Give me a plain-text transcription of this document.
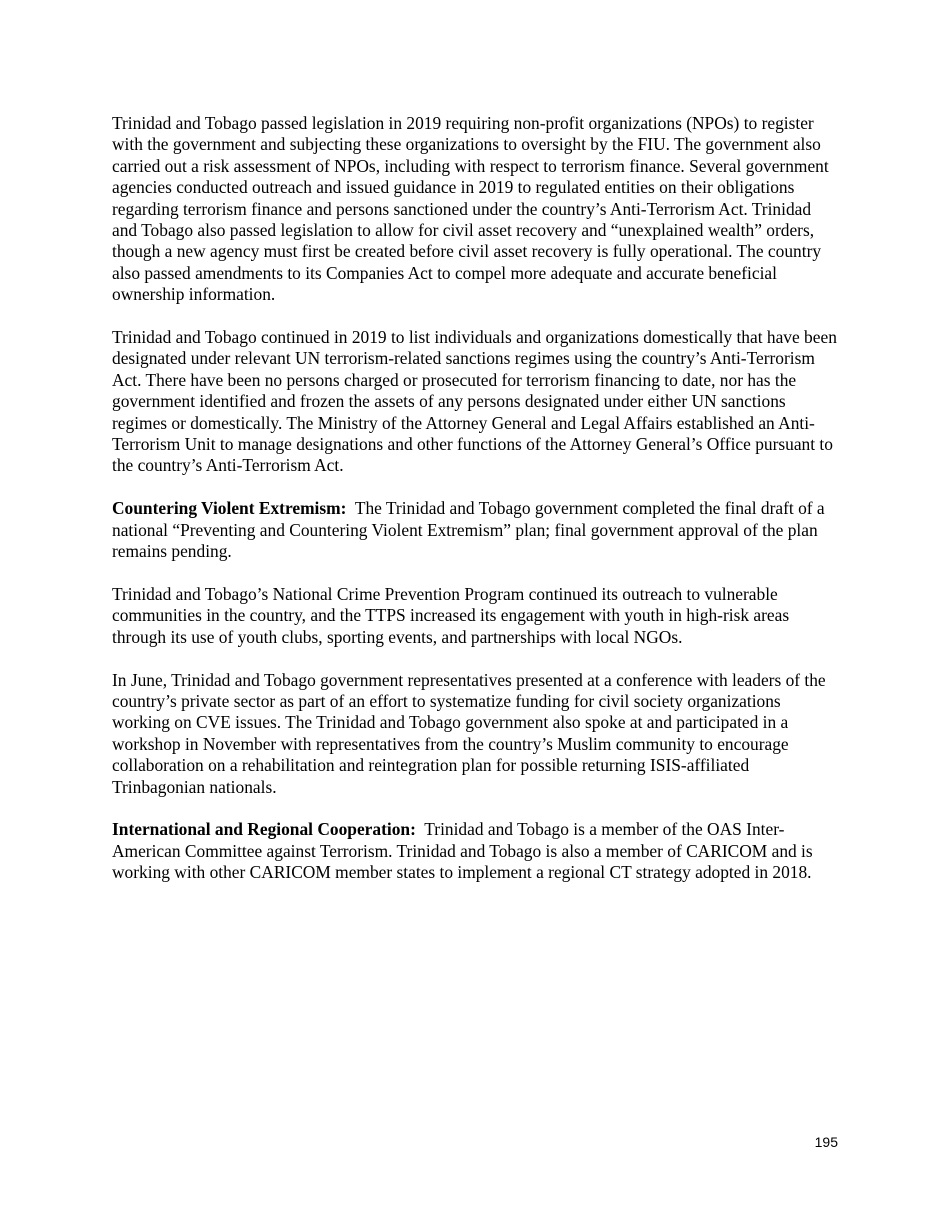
Trinidad and Tobago passed legislation in 2019 requiring non-profit organizations (NPOs) to register with the government and subjecting these organizations to oversight by the FIU. The government also carried out a risk assessment of NPOs, including with respect to terrorism finance. Several government agencies conducted outreach and issued guidance in 2019 to regulated entities on their obligations regarding terrorism finance and persons sanctioned under the country’s Anti-Terrorism Act. Trinidad and Tobago also passed legislation to allow for civil asset recovery and “unexplained wealth” orders, though a new agency must first be created before civil asset recovery is fully operational. The country also passed amendments to its Companies Act to compel more adequate and accurate beneficial ownership information.

Trinidad and Tobago continued in 2019 to list individuals and organizations domestically that have been designated under relevant UN terrorism-related sanctions regimes using the country’s Anti-Terrorism Act. There have been no persons charged or prosecuted for terrorism financing to date, nor has the government identified and frozen the assets of any persons designated under either UN sanctions regimes or domestically. The Ministry of the Attorney General and Legal Affairs established an Anti-Terrorism Unit to manage designations and other functions of the Attorney General’s Office pursuant to the country’s Anti-Terrorism Act.

Countering Violent Extremism: The Trinidad and Tobago government completed the final draft of a national “Preventing and Countering Violent Extremism” plan; final government approval of the plan remains pending.

Trinidad and Tobago’s National Crime Prevention Program continued its outreach to vulnerable communities in the country, and the TTPS increased its engagement with youth in high-risk areas through its use of youth clubs, sporting events, and partnerships with local NGOs.

In June, Trinidad and Tobago government representatives presented at a conference with leaders of the country’s private sector as part of an effort to systematize funding for civil society organizations working on CVE issues. The Trinidad and Tobago government also spoke at and participated in a workshop in November with representatives from the country’s Muslim community to encourage collaboration on a rehabilitation and reintegration plan for possible returning ISIS-affiliated Trinbagonian nationals.

International and Regional Cooperation: Trinidad and Tobago is a member of the OAS Inter-American Committee against Terrorism. Trinidad and Tobago is also a member of CARICOM and is working with other CARICOM member states to implement a regional CT strategy adopted in 2018.

195
